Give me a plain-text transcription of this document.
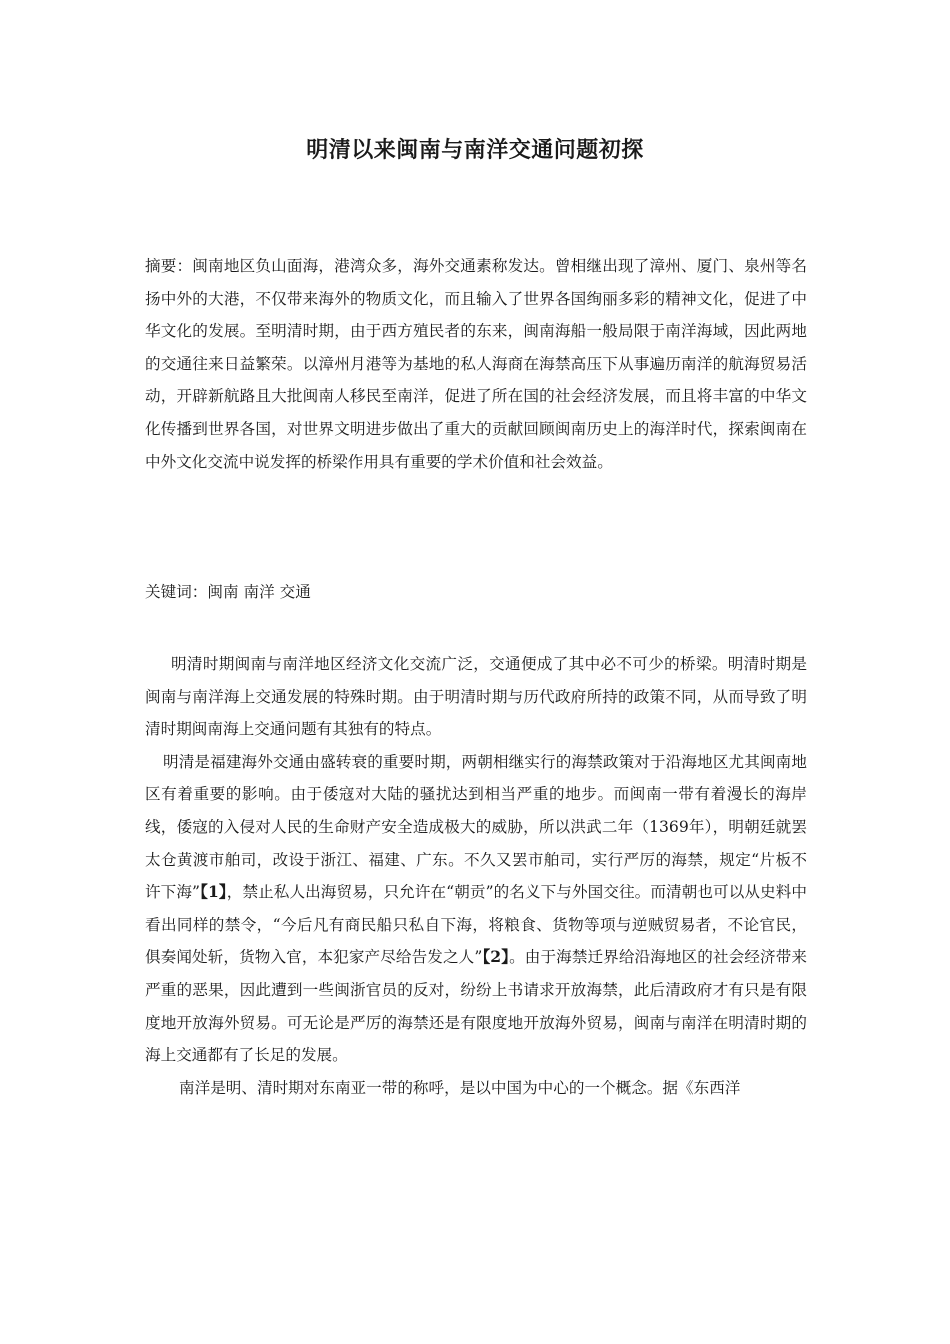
明清以来闽南与南洋交通问题初探

摘要：闽南地区负山面海，港湾众多，海外交通素称发达。曾相继出现了漳州、厦门、泉州等名扬中外的大港，不仅带来海外的物质文化，而且输入了世界各国绚丽多彩的精神文化，促进了中华文化的发展。至明清时期，由于西方殖民者的东来，闽南海船一般局限于南洋海域，因此两地的交通往来日益繁荣。以漳州月港等为基地的私人海商在海禁高压下从事遍历南洋的航海贸易活动，开辟新航路且大批闽南人移民至南洋，促进了所在国的社会经济发展，而且将丰富的中华文化传播到世界各国，对世界文明进步做出了重大的贡献回顾闽南历史上的海洋时代，探索闽南在中外文化交流中说发挥的桥梁作用具有重要的学术价值和社会效益。

关键词：闽南 南洋 交通

明清时期闽南与南洋地区经济文化交流广泛，交通便成了其中必不可少的桥梁。明清时期是闽南与南洋海上交通发展的特殊时期。由于明清时期与历代政府所持的政策不同，从而导致了明清时期闽南海上交通问题有其独有的特点。

明清是福建海外交通由盛转衰的重要时期，两朝相继实行的海禁政策对于沿海地区尤其闽南地区有着重要的影响。由于倭寇对大陆的骚扰达到相当严重的地步。而闽南一带有着漫长的海岸线，倭寇的入侵对人民的生命财产安全造成极大的威胁，所以洪武二年（1369年），明朝廷就罢太仓黄渡市舶司，改设于浙江、福建、广东。不久又罢市舶司，实行严厉的海禁，规定“片板不许下海”【1】，禁止私人出海贸易，只允许在“朝贡”的名义下与外国交往。而清朝也可以从史料中看出同样的禁令，“今后凡有商民船只私自下海，将粮食、货物等项与逆贼贸易者，不论官民，俱奏闻处斩，货物入官，本犯家产尽给告发之人”【2】。由于海禁迁界给沿海地区的社会经济带来严重的恶果，因此遭到一些闽浙官员的反对，纷纷上书请求开放海禁，此后清政府才有只是有限度地开放海外贸易。可无论是严厉的海禁还是有限度地开放海外贸易，闽南与南洋在明清时期的海上交通都有了长足的发展。

南洋是明、清时期对东南亚一带的称呼，是以中国为中心的一个概念。据《东西洋
